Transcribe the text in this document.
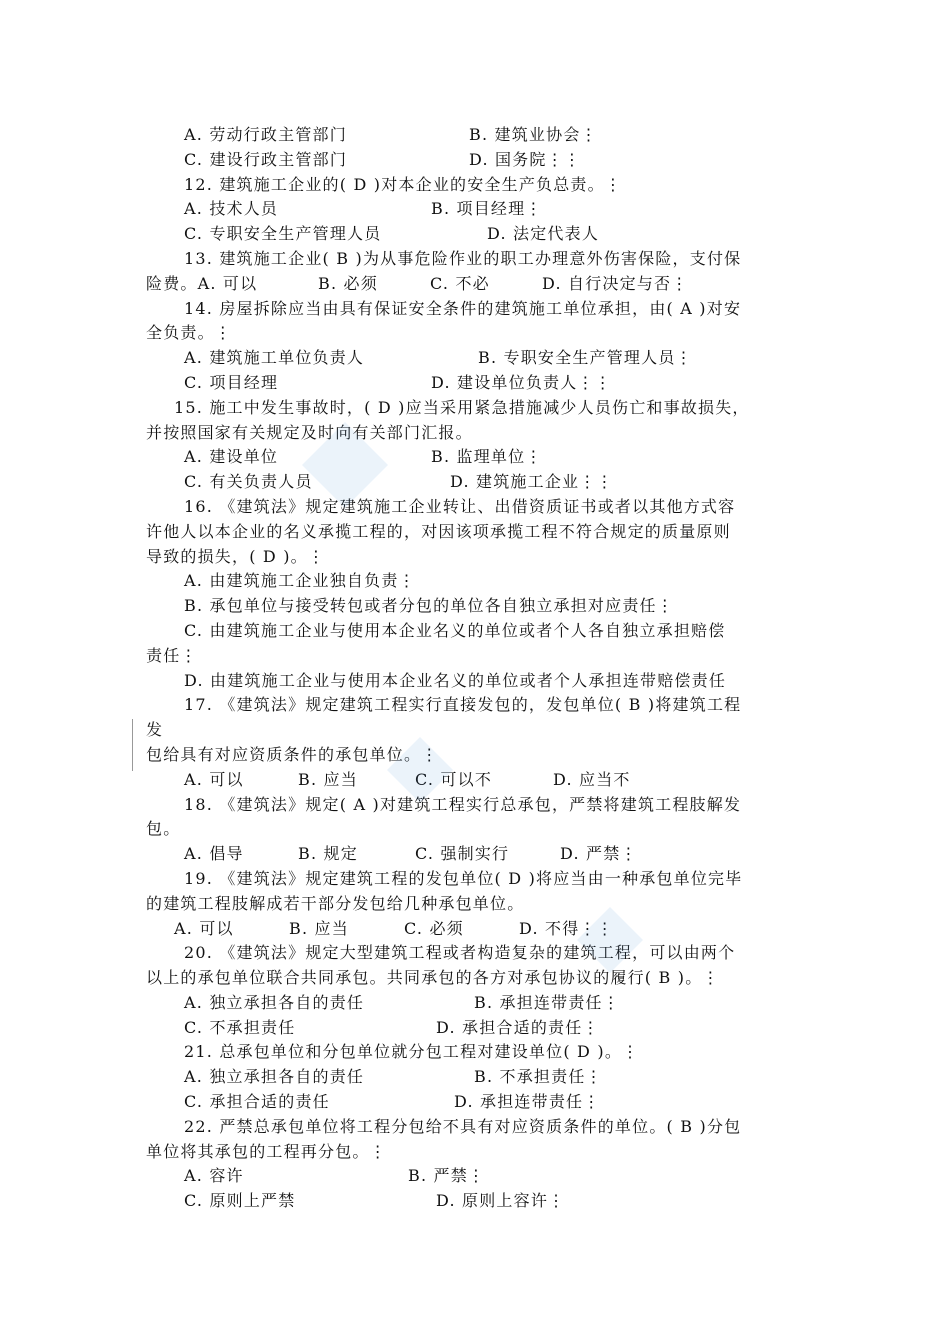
A. 劳动行政主管部门	B. 建筑业协会⋮
C. 建设行政主管部门	D. 国务院⋮⋮
12. 建筑施工企业的( D )对本企业的安全生产负总责。⋮
A. 技术人员	B. 项目经理⋮
C. 专职安全生产管理人员	D. 法定代表人
13. 建筑施工企业( B )为从事危险作业的职工办理意外伤害保险，支付保
险费。A. 可以	B. 必须	C. 不必	D. 自行决定与否⋮
14. 房屋拆除应当由具有保证安全条件的建筑施工单位承担，由( A )对安
全负责。⋮
A. 建筑施工单位负责人	B. 专职安全生产管理人员⋮
C. 项目经理	D. 建设单位负责人⋮⋮
15. 施工中发生事故时，( D )应当采用紧急措施减少人员伤亡和事故损失，
并按照国家有关规定及时向有关部门汇报。
A. 建设单位	B. 监理单位⋮
C. 有关负责人员	D. 建筑施工企业⋮⋮
16. 《建筑法》规定建筑施工企业转让、出借资质证书或者以其他方式容
许他人以本企业的名义承揽工程的，对因该项承揽工程不符合规定的质量原则
导致的损失，( D )。⋮
A. 由建筑施工企业独自负责⋮
B. 承包单位与接受转包或者分包的单位各自独立承担对应责任⋮
C. 由建筑施工企业与使用本企业名义的单位或者个人各自独立承担赔偿
责任⋮
D. 由建筑施工企业与使用本企业名义的单位或者个人承担连带赔偿责任
17. 《建筑法》规定建筑工程实行直接发包的，发包单位( B )将建筑工程
发
包给具有对应资质条件的承包单位。⋮
A. 可以	B. 应当	C. 可以不	D. 应当不
18. 《建筑法》规定( A )对建筑工程实行总承包，严禁将建筑工程肢解发
包。
A. 倡导	B. 规定	C. 强制实行	D. 严禁⋮
19. 《建筑法》规定建筑工程的发包单位( D )将应当由一种承包单位完毕
的建筑工程肢解成若干部分发包给几种承包单位。
A. 可以	B. 应当	C. 必须	D. 不得⋮⋮
20. 《建筑法》规定大型建筑工程或者构造复杂的建筑工程，可以由两个
以上的承包单位联合共同承包。共同承包的各方对承包协议的履行( B )。⋮
A. 独立承担各自的责任	B. 承担连带责任⋮
C. 不承担责任	D. 承担合适的责任⋮
21. 总承包单位和分包单位就分包工程对建设单位( D )。⋮
A. 独立承担各自的责任	B. 不承担责任⋮
C. 承担合适的责任	D. 承担连带责任⋮
22. 严禁总承包单位将工程分包给不具有对应资质条件的单位。( B )分包
单位将其承包的工程再分包。⋮
A. 容许	B. 严禁⋮
C. 原则上严禁	D. 原则上容许⋮
